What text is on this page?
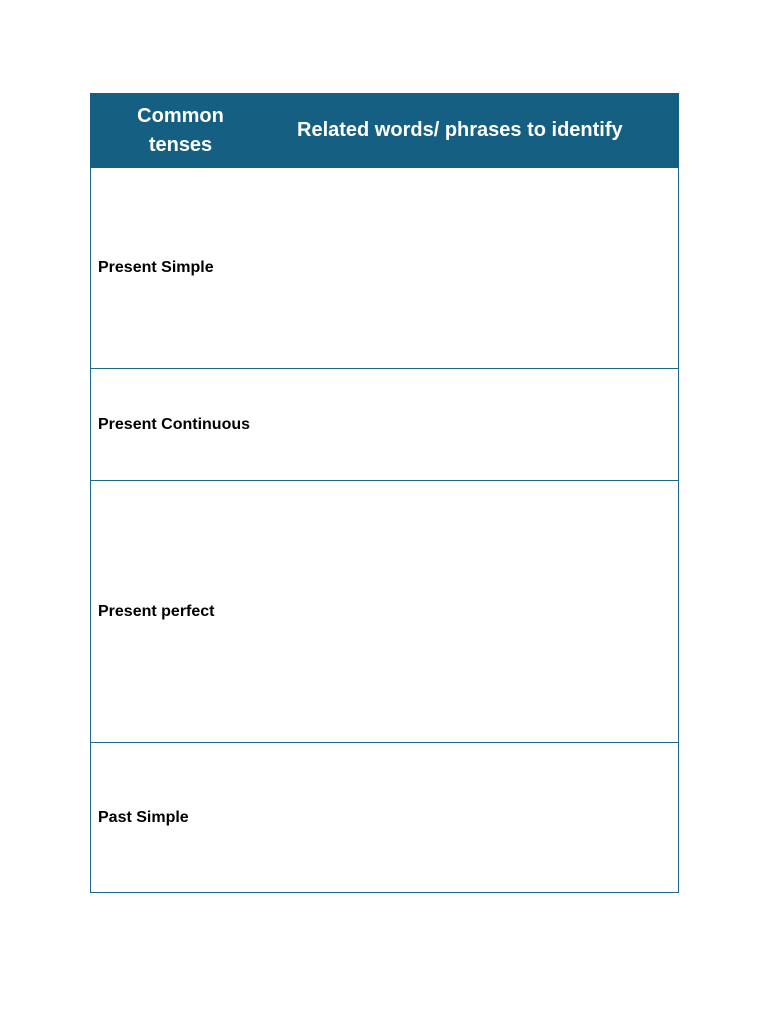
Common
tenses	Related words/ phrases to identify
Present Simple	
Present Continuous	
Present perfect	
Past Simple	
